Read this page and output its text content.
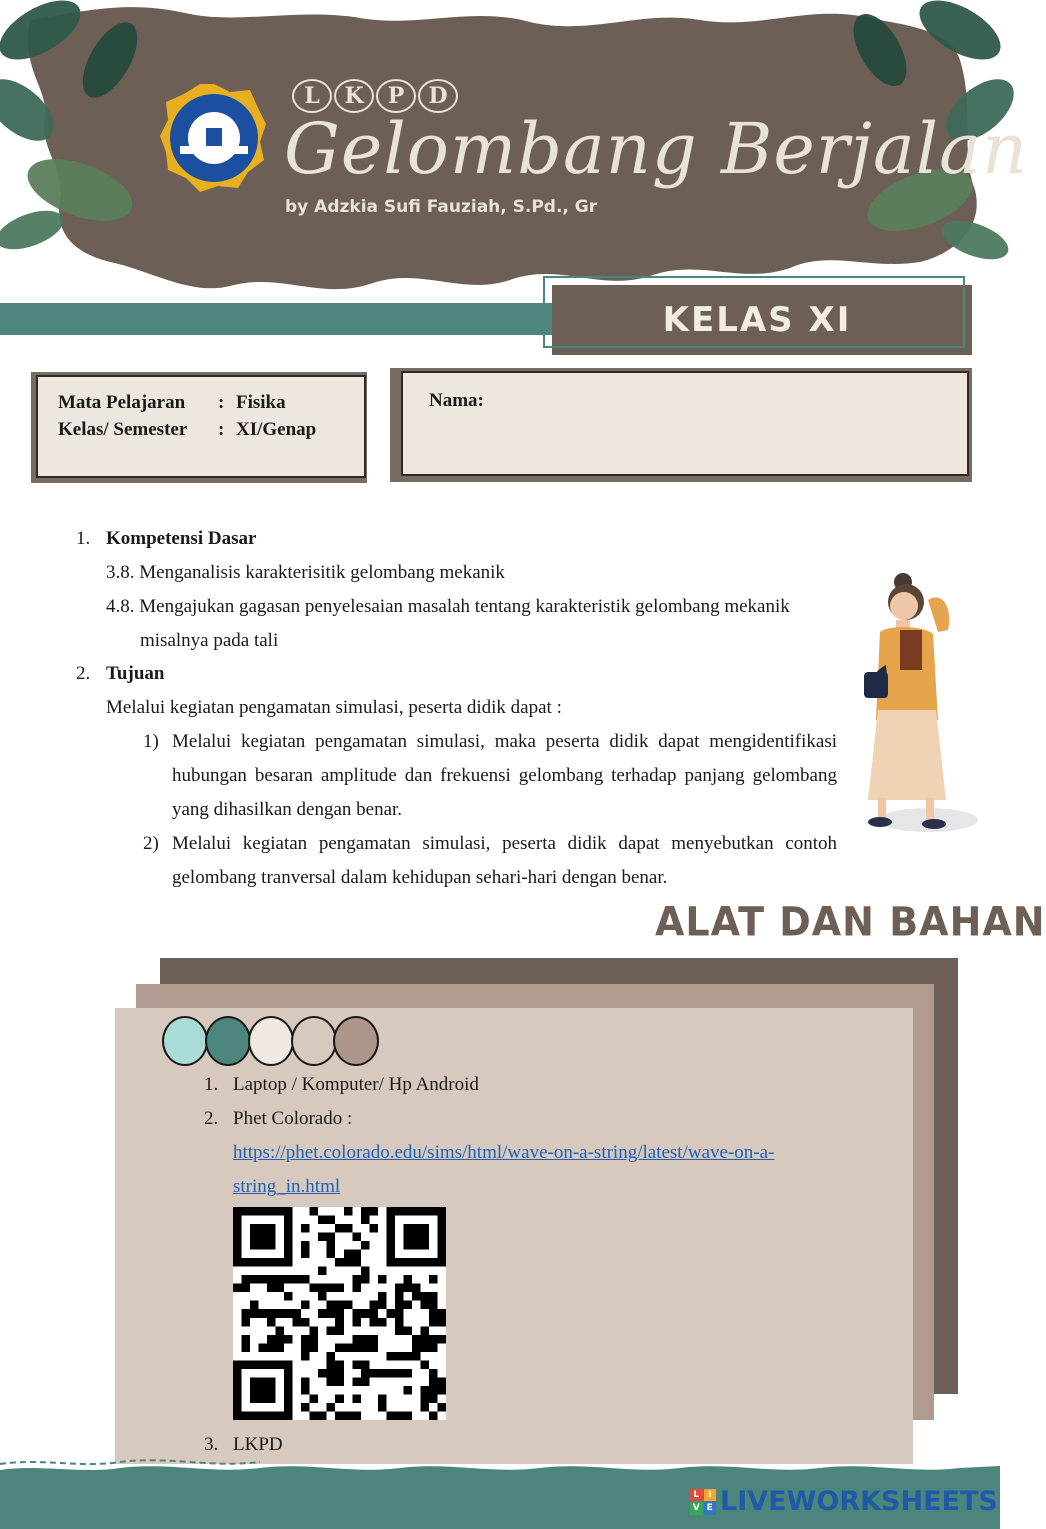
L	K	P	D
Gelombang Berjalan
by Adzkia Sufi Fauziah, S.Pd., Gr
KELAS XI
Mata Pelajaran	: Fisika
Kelas/ Semester	: XI/Genap
Nama:
1. Kompetensi Dasar
3.8. Menganalisis karakterisitik gelombang mekanik
4.8. Mengajukan gagasan penyelesaian masalah tentang karakteristik gelombang mekanik
misalnya pada tali
2. Tujuan
Melalui kegiatan pengamatan simulasi, peserta didik dapat :
1) Melalui kegiatan pengamatan simulasi, maka peserta didik dapat mengidentifikasi
hubungan besaran amplitude dan frekuensi gelombang terhadap panjang gelombang
yang dihasilkan dengan benar.
2) Melalui kegiatan pengamatan simulasi, peserta didik dapat menyebutkan contoh
gelombang tranversal dalam kehidupan sehari-hari dengan benar.
ALAT DAN BAHAN
1. Laptop / Komputer/ Hp Android
2. Phet Colorado :
https://phet.colorado.edu/sims/html/wave-on-a-string/latest/wave-on-a-
string_in.html
3. LKPD
L I
V E LIVEWORKSHEETS
